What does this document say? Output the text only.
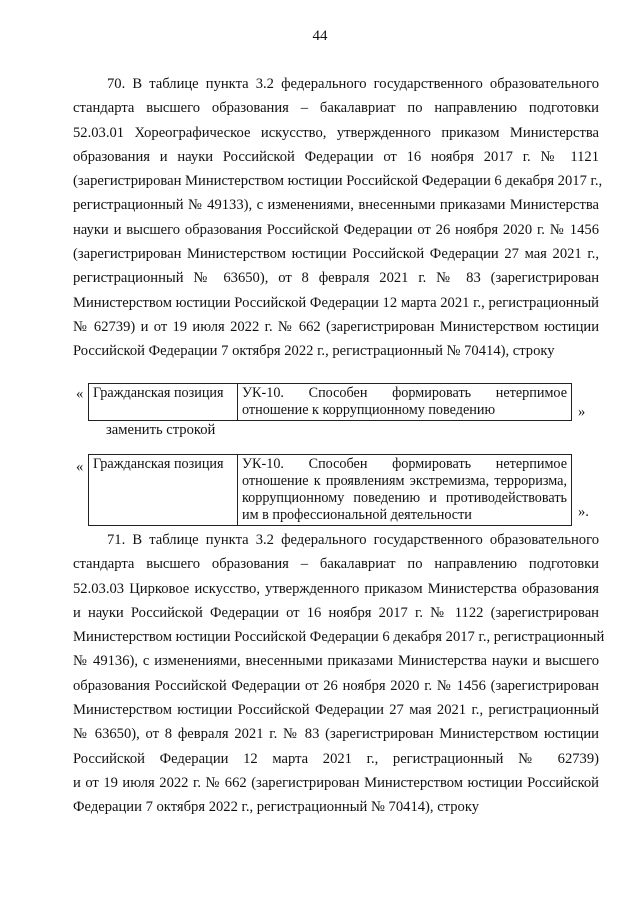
44
70. В таблице пункта 3.2 федерального государственного образовательного
стандарта высшего образования – бакалавриат по направлению подготовки
52.03.01 Хореографическое искусство, утвержденного приказом Министерства
образования и науки Российской Федерации от 16 ноября 2017 г. № 1121
(зарегистрирован Министерством юстиции Российской Федерации 6 декабря 2017 г.,
регистрационный № 49133), с изменениями, внесенными приказами Министерства
науки и высшего образования Российской Федерации от 26 ноября 2020 г. № 1456
(зарегистрирован Министерством юстиции Российской Федерации 27 мая 2021 г.,
регистрационный № 63650), от 8 февраля 2021 г. № 83 (зарегистрирован
Министерством юстиции Российской Федерации 12 марта 2021 г., регистрационный
№ 62739) и от 19 июля 2022 г. № 662 (зарегистрирован Министерством юстиции
Российской Федерации 7 октября 2022 г., регистрационный № 70414), строку
« Гражданская позиция	УК-10. Способен формировать нетерпимое
отношение к коррупционному поведению	»
заменить строкой
« Гражданская позиция	УК-10. Способен формировать нетерпимое
отношение к проявлениям экстремизма, терроризма,
коррупционному поведению и противодействовать
им в профессиональной деятельности	».
71. В таблице пункта 3.2 федерального государственного образовательного
стандарта высшего образования – бакалавриат по направлению подготовки
52.03.03 Цирковое искусство, утвержденного приказом Министерства образования
и науки Российской Федерации от 16 ноября 2017 г. № 1122 (зарегистрирован
Министерством юстиции Российской Федерации 6 декабря 2017 г., регистрационный
№ 49136), с изменениями, внесенными приказами Министерства науки и высшего
образования Российской Федерации от 26 ноября 2020 г. № 1456 (зарегистрирован
Министерством юстиции Российской Федерации 27 мая 2021 г., регистрационный
№ 63650), от 8 февраля 2021 г. № 83 (зарегистрирован Министерством юстиции
Российской Федерации 12 марта 2021 г., регистрационный № 62739)
и от 19 июля 2022 г. № 662 (зарегистрирован Министерством юстиции Российской
Федерации 7 октября 2022 г., регистрационный № 70414), строку
